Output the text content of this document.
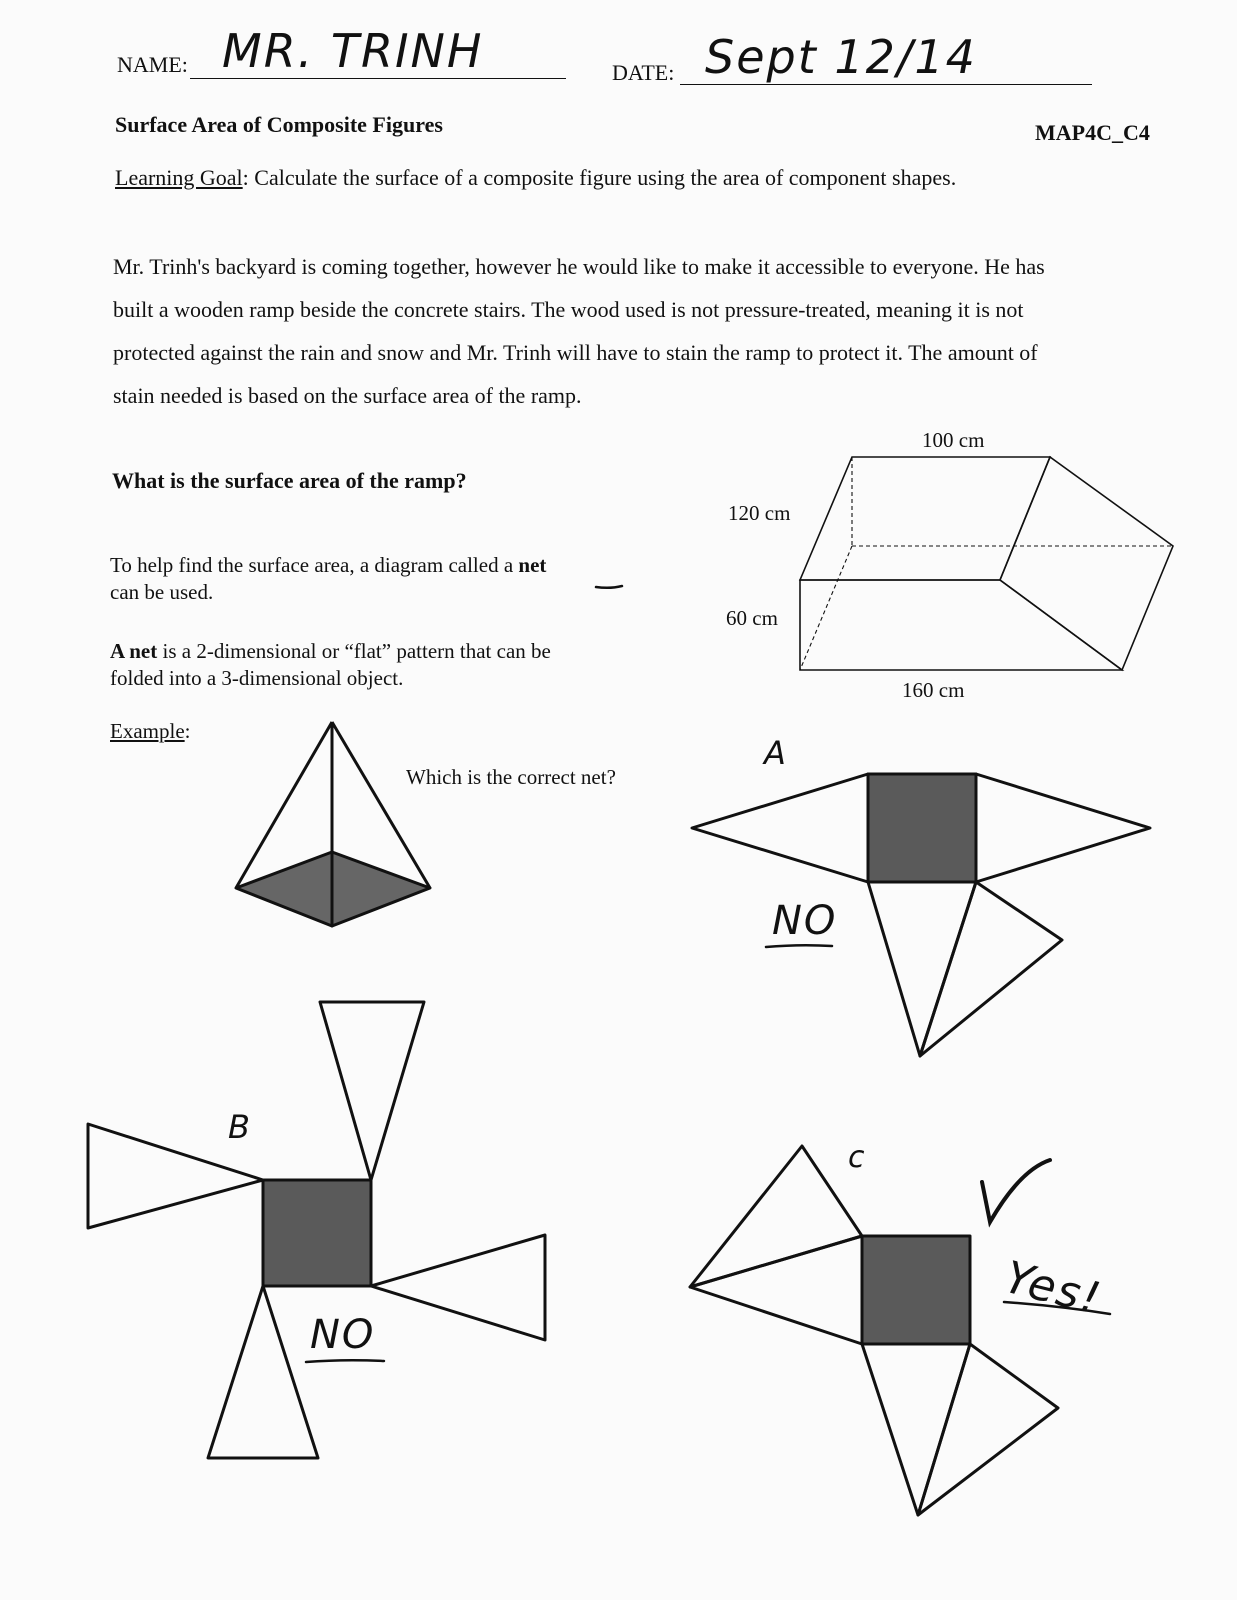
NAME: MR. TRINH	DATE: Sept 12/14
Surface Area of Composite Figures	MAP4C_C4
Learning Goal: Calculate the surface of a composite figure using the area of component shapes.
Mr. Trinh's backyard is coming together, however he would like to make it accessible to everyone. He has
built a wooden ramp beside the concrete stairs. The wood used is not pressure-treated, meaning it is not
protected against the rain and snow and Mr. Trinh will have to stain the ramp to protect it. The amount of
stain needed is based on the surface area of the ramp.
What is the surface area of the ramp?
To help find the surface area, a diagram called a net
can be used.
A net is a 2-dimensional or “flat” pattern that can be
folded into a 3-dimensional object.
Example:
Which is the correct net?
100 cm
120 cm
60 cm
160 cm
A
NO
B
NO
c
Yes!
